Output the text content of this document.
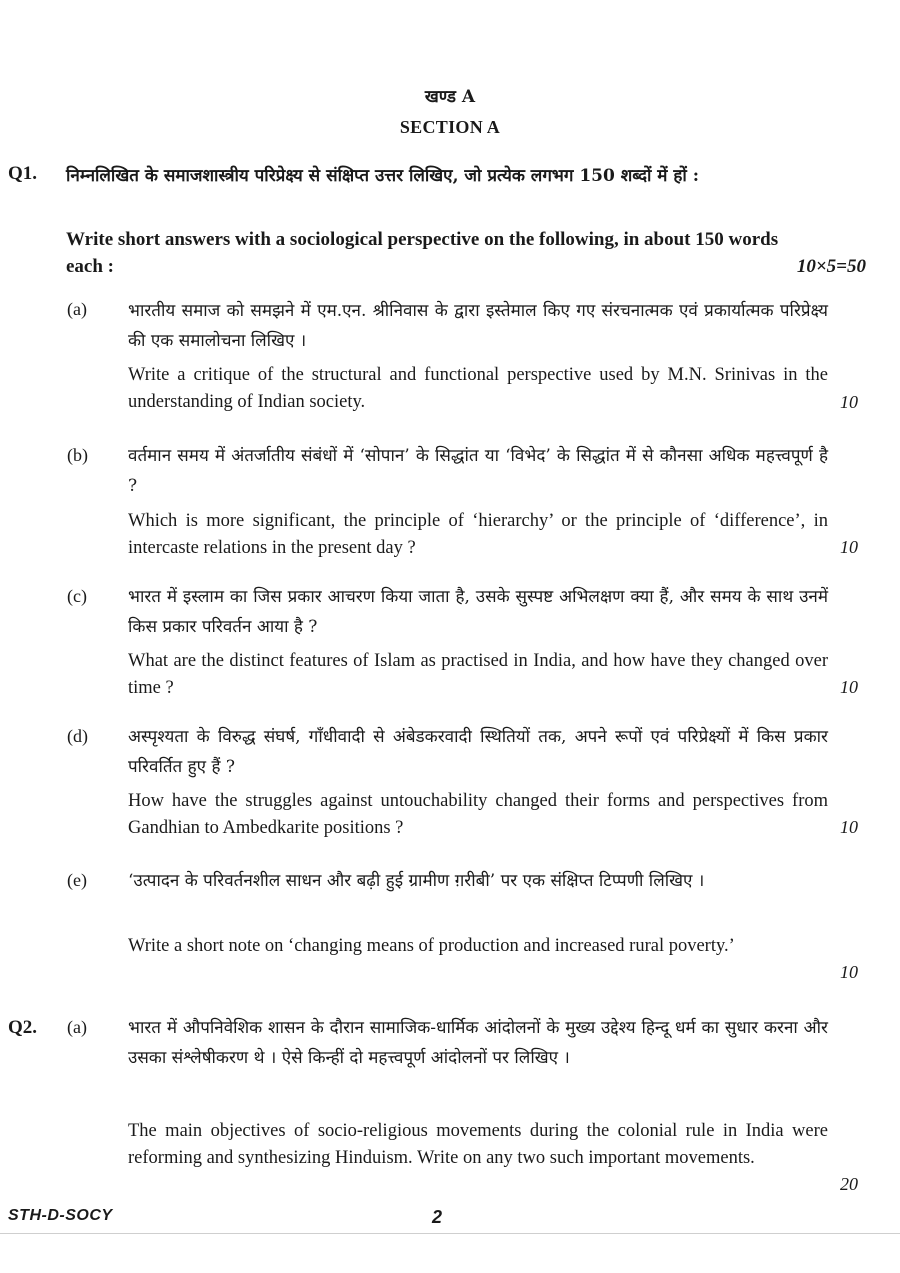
खण्ड A
SECTION A
Q1. निम्नलिखित के समाजशास्त्रीय परिप्रेक्ष्य से संक्षिप्त उत्तर लिखिए, जो प्रत्येक लगभग 150 शब्दों में हों :
Write short answers with a sociological perspective on the following, in about 150 words each :	10×5=50
(a) भारतीय समाज को समझने में एम.एन. श्रीनिवास के द्वारा इस्तेमाल किए गए संरचनात्मक एवं प्रकार्यात्मक परिप्रेक्ष्य की एक समालोचना लिखिए ।
Write a critique of the structural and functional perspective used by M.N. Srinivas in the understanding of Indian society.	10
(b) वर्तमान समय में अंतर्जातीय संबंधों में ‘सोपान’ के सिद्धांत या ‘विभेद’ के सिद्धांत में से कौनसा अधिक महत्त्वपूर्ण है ?
Which is more significant, the principle of ‘hierarchy’ or the principle of ‘difference’, in intercaste relations in the present day ?	10
(c) भारत में इस्लाम का जिस प्रकार आचरण किया जाता है, उसके सुस्पष्ट अभिलक्षण क्या हैं, और समय के साथ उनमें किस प्रकार परिवर्तन आया है ?
What are the distinct features of Islam as practised in India, and how have they changed over time ?	10
(d) अस्पृश्यता के विरुद्ध संघर्ष, गाँधीवादी से अंबेडकरवादी स्थितियों तक, अपने रूपों एवं परिप्रेक्ष्यों में किस प्रकार परिवर्तित हुए हैं ?
How have the struggles against untouchability changed their forms and perspectives from Gandhian to Ambedkarite positions ?	10
(e) ‘उत्पादन के परिवर्तनशील साधन और बढ़ी हुई ग्रामीण ग़रीबी’ पर एक संक्षिप्त टिप्पणी लिखिए ।
Write a short note on ‘changing means of production and increased rural poverty.’
10
Q2. (a) भारत में औपनिवेशिक शासन के दौरान सामाजिक-धार्मिक आंदोलनों के मुख्य उद्देश्य हिन्दू धर्म का सुधार करना और उसका संश्लेषीकरण थे । ऐसे किन्हीं दो महत्त्वपूर्ण आंदोलनों पर लिखिए ।
The main objectives of socio-religious movements during the colonial rule in India were reforming and synthesizing Hinduism. Write on any two such important movements.
20
STH-D-SOCY	2
